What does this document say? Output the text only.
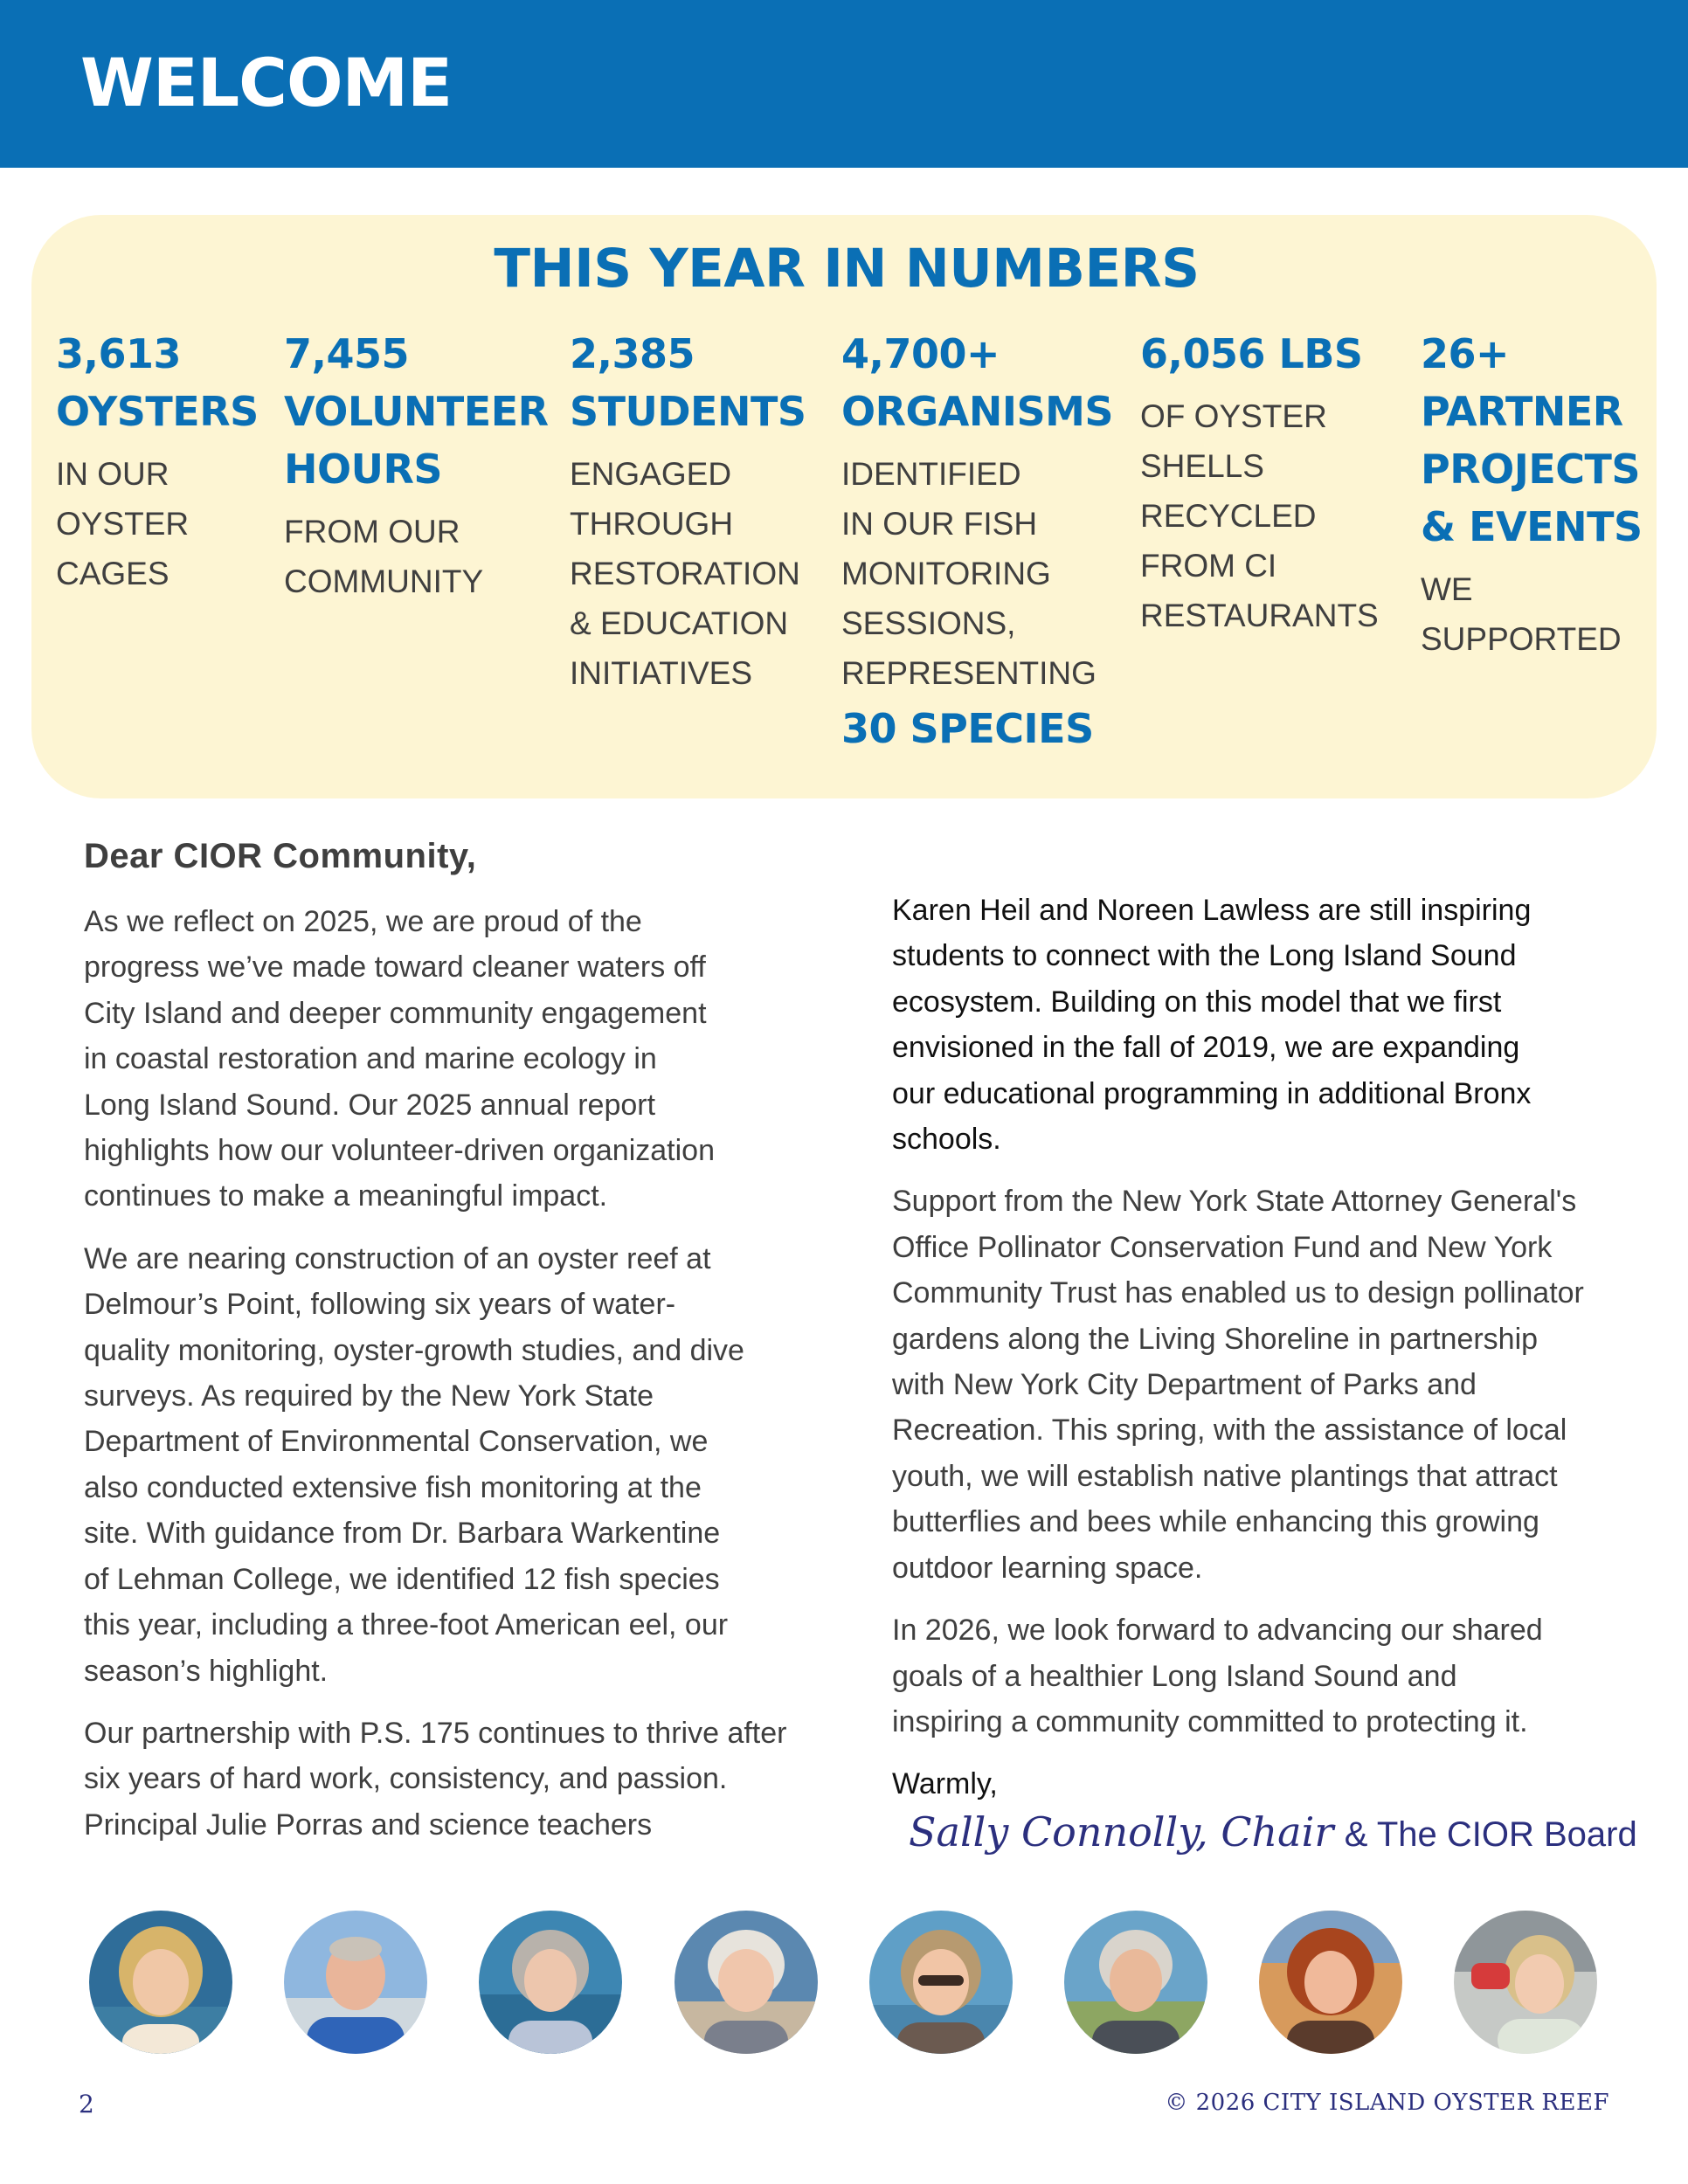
WELCOME
THIS YEAR IN NUMBERS
3,613
OYSTERS
IN OUR
OYSTER
CAGES
7,455
VOLUNTEER
HOURS
FROM OUR
COMMUNITY
2,385
STUDENTS
ENGAGED
THROUGH
RESTORATION
& EDUCATION
INITIATIVES
4,700+
ORGANISMS
IDENTIFIED
IN OUR FISH
MONITORING
SESSIONS,
REPRESENTING
30 SPECIES
6,056 LBS
OF OYSTER
SHELLS
RECYCLED
FROM CI
RESTAURANTS
26+
PARTNER
PROJECTS
& EVENTS
WE
SUPPORTED
Dear CIOR Community,

As we reflect on 2025, we are proud of the
progress we’ve made toward cleaner waters off
City Island and deeper community engagement
in coastal restoration and marine ecology in
Long Island Sound. Our 2025 annual report
highlights how our volunteer-driven organization
continues to make a meaningful impact.

We are nearing construction of an oyster reef at
Delmour’s Point, following six years of water-
quality monitoring, oyster-growth studies, and dive
surveys. As required by the New York State
Department of Environmental Conservation, we
also conducted extensive fish monitoring at the
site. With guidance from Dr. Barbara Warkentine
of Lehman College, we identified 12 fish species
this year, including a three-foot American eel, our
season’s highlight.

Our partnership with P.S. 175 continues to thrive after
six years of hard work, consistency, and passion.
Principal Julie Porras and science teachers

Karen Heil and Noreen Lawless are still inspiring
students to connect with the Long Island Sound
ecosystem. Building on this model that we first
envisioned in the fall of 2019, we are expanding
our educational programming in additional Bronx
schools.

Support from the New York State Attorney General's
Office Pollinator Conservation Fund and New York
Community Trust has enabled us to design pollinator
gardens along the Living Shoreline in partnership
with New York City Department of Parks and
Recreation. This spring, with the assistance of local
youth, we will establish native plantings that attract
butterflies and bees while enhancing this growing
outdoor learning space.

In 2026, we look forward to advancing our shared
goals of a healthier Long Island Sound and
inspiring a community committed to protecting it.

Warmly,

Sally Connolly, Chair & The CIOR Board
2	© 2026 CITY ISLAND OYSTER REEF
